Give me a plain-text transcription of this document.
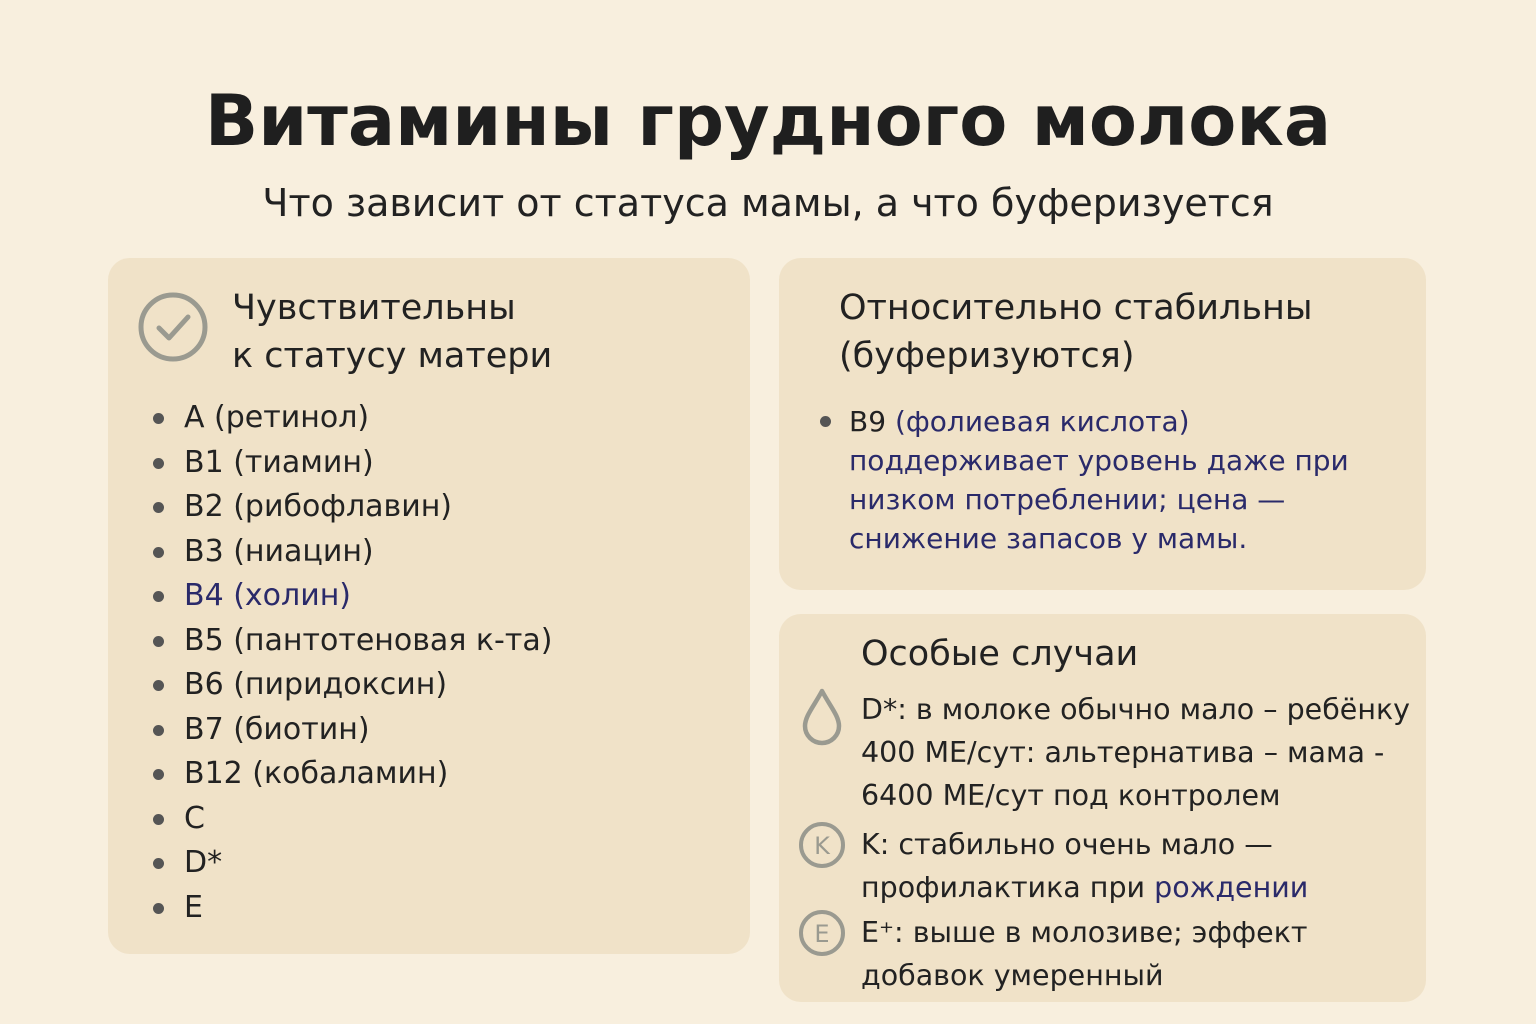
Витамины грудного молока
Что зависит от статуса мамы, а что буферизуется
Чувствительны
к статусу матери
A (ретинол)
B1 (тиамин)
B2 (рибофлавин)
B3 (ниацин)
B4 (холин)
B5 (пантотеновая к-та)
B6 (пиридоксин)
B7 (биотин)
B12 (кобаламин)
C
D*
E
Относительно стабильны
(буферизуются)
B9 (фолиевая кислота) поддерживает уровень даже при низком потреблении; цена — снижение запасов у мамы.
Особые случаи
D*: в молоке обычно мало – ребёнку 400 МЕ/сут: альтернатива – мама - 6400 МЕ/сут под контролем
K K: стабильно очень мало — профилактика при рождении
E E⁺: выше в молозиве; эффект добавок умеренный
